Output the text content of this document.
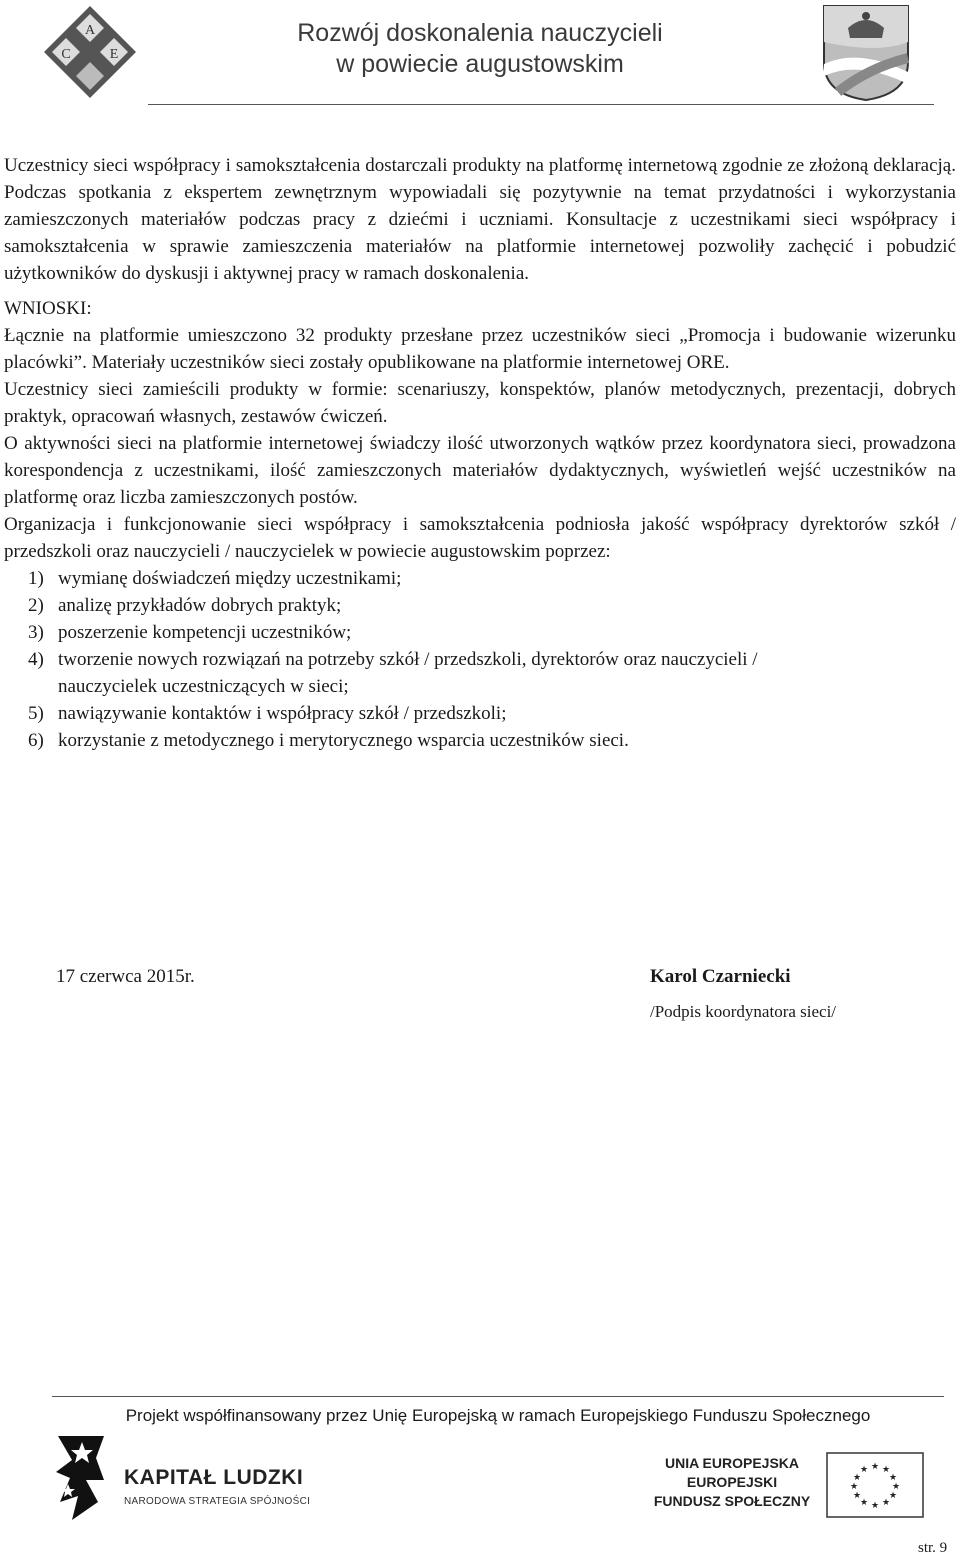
A
C	E
Rozwój doskonalenia nauczycieli
w powiecie augustowskim

Uczestnicy sieci współpracy i samokształcenia dostarczali produkty na platformę internetową zgodnie ze złożoną deklaracją. Podczas spotkania z ekspertem zewnętrznym wypowiadali się pozytywnie na temat przydatności i wykorzystania zamieszczonych materiałów podczas pracy z dziećmi i uczniami. Konsultacje z uczestnikami sieci współpracy i samokształcenia w sprawie zamieszczenia materiałów na platformie internetowej pozwoliły zachęcić i pobudzić użytkowników do dyskusji i aktywnej pracy w ramach doskonalenia.

WNIOSKI:

Łącznie na platformie umieszczono 32 produkty przesłane przez uczestników sieci „Promocja i budowanie wizerunku placówki”. Materiały uczestników sieci zostały opublikowane na platformie internetowej ORE.

Uczestnicy sieci zamieścili produkty w formie: scenariuszy, konspektów, planów metodycznych, prezentacji, dobrych praktyk, opracowań własnych, zestawów ćwiczeń.

O aktywności sieci na platformie internetowej świadczy ilość utworzonych wątków przez koordynatora sieci, prowadzona korespondencja z uczestnikami, ilość zamieszczonych materiałów dydaktycznych, wyświetleń wejść uczestników na platformę oraz liczba zamieszczonych postów.

Organizacja i funkcjonowanie sieci współpracy i samokształcenia podniosła jakość współpracy dyrektorów szkół / przedszkoli oraz nauczycieli / nauczycielek w powiecie augustowskim poprzez:

1) wymianę doświadczeń między uczestnikami;
2) analizę przykładów dobrych praktyk;
3) poszerzenie kompetencji uczestników;
4) tworzenie nowych rozwiązań na potrzeby szkół / przedszkoli, dyrektorów oraz nauczycieli / nauczycielek uczestniczących w sieci;
5) nawiązywanie kontaktów i współpracy szkół / przedszkoli;
6) korzystanie z metodycznego i merytorycznego wsparcia uczestników sieci.
17 czerwca 2015r.	Karol Czarniecki
/Podpis koordynatora sieci/
Projekt współfinansowany przez Unię Europejską w ramach Europejskiego Funduszu Społecznego
KAPITAŁ LUDZKI
NARODOWA STRATEGIA SPÓJNOŚCI
UNIA EUROPEJSKA
EUROPEJSKI
FUNDUSZ SPOŁECZNY
★ ★
★
★
★
★
★
★
★
★
★
★
str. 9
